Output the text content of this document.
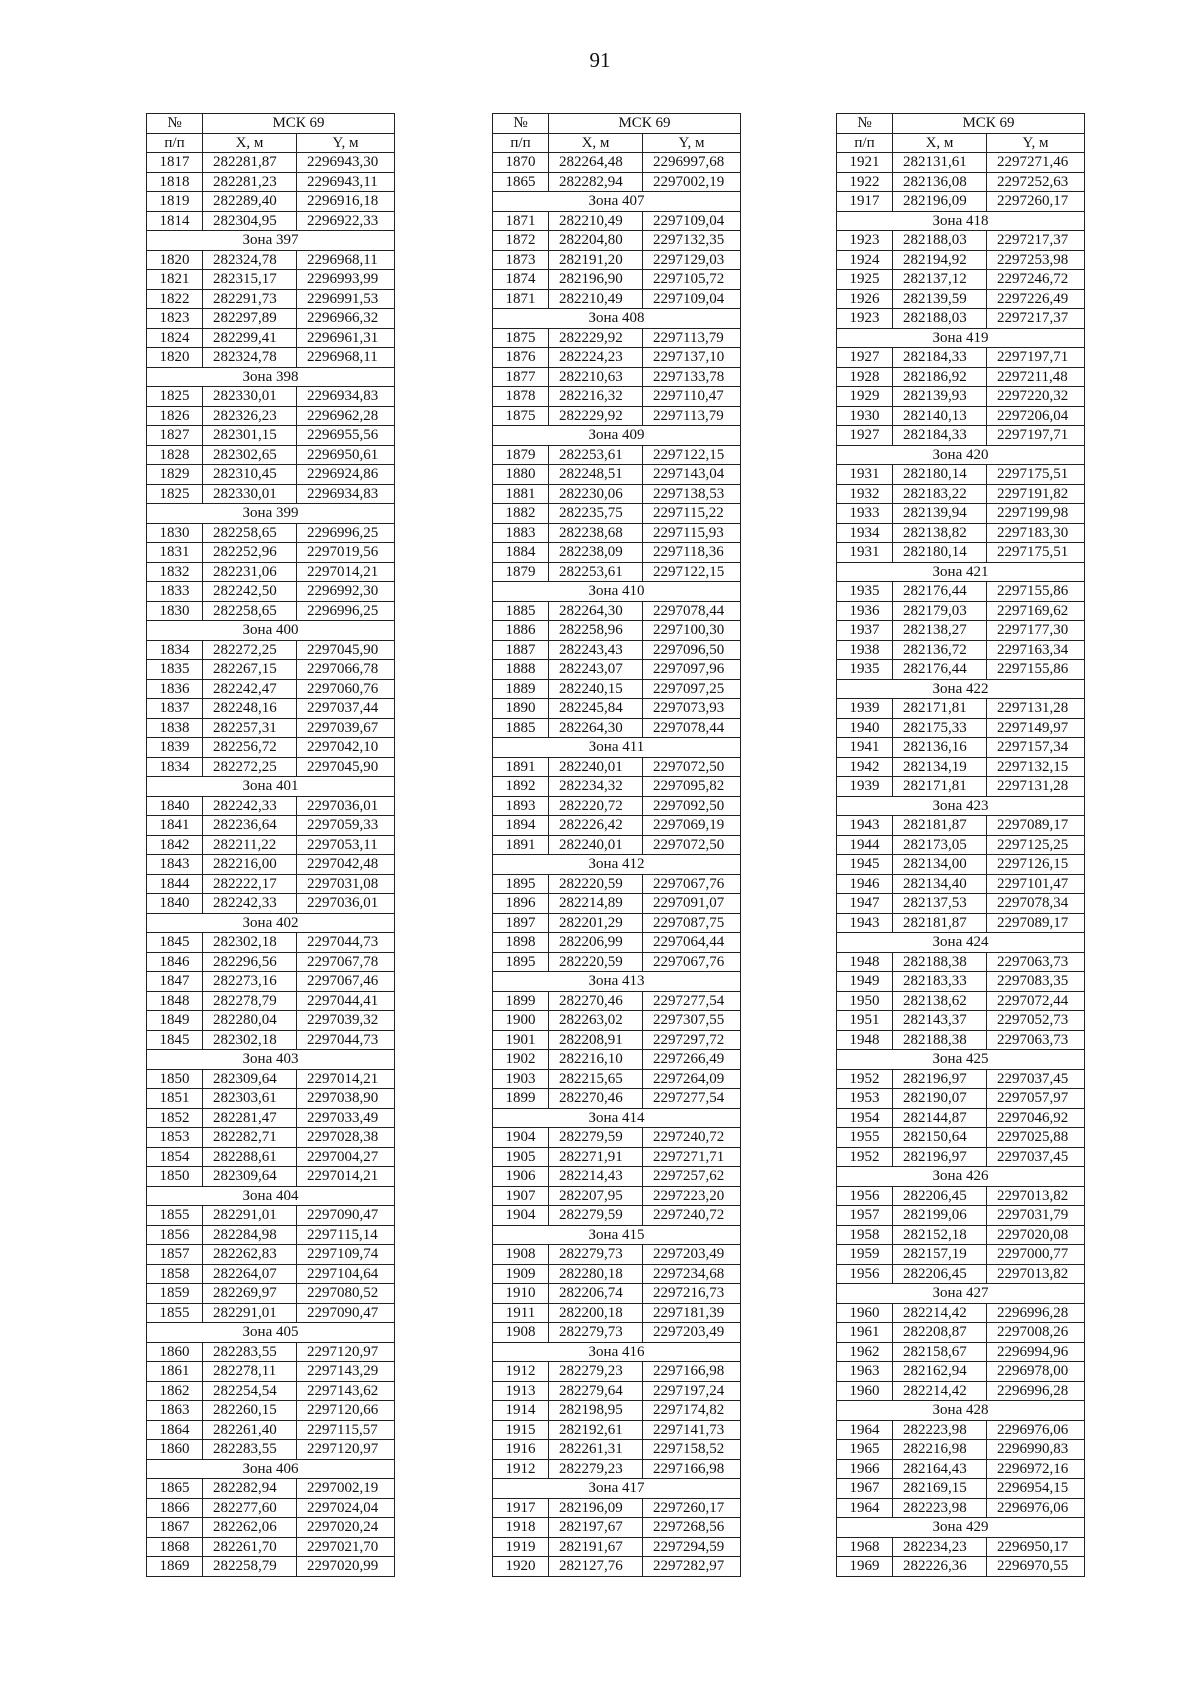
91
№	МСК 69	
п/п	X, м	Y, м
1817	282281,87	2296943,30
1818	282281,23	2296943,11
1819	282289,40	2296916,18
1814	282304,95	2296922,33
Зона 397		
1820	282324,78	2296968,11
1821	282315,17	2296993,99
1822	282291,73	2296991,53
1823	282297,89	2296966,32
1824	282299,41	2296961,31
1820	282324,78	2296968,11
Зона 398		
1825	282330,01	2296934,83
1826	282326,23	2296962,28
1827	282301,15	2296955,56
1828	282302,65	2296950,61
1829	282310,45	2296924,86
1825	282330,01	2296934,83
Зона 399		
1830	282258,65	2296996,25
1831	282252,96	2297019,56
1832	282231,06	2297014,21
1833	282242,50	2296992,30
1830	282258,65	2296996,25
Зона 400		
1834	282272,25	2297045,90
1835	282267,15	2297066,78
1836	282242,47	2297060,76
1837	282248,16	2297037,44
1838	282257,31	2297039,67
1839	282256,72	2297042,10
1834	282272,25	2297045,90
Зона 401		
1840	282242,33	2297036,01
1841	282236,64	2297059,33
1842	282211,22	2297053,11
1843	282216,00	2297042,48
1844	282222,17	2297031,08
1840	282242,33	2297036,01
Зона 402		
1845	282302,18	2297044,73
1846	282296,56	2297067,78
1847	282273,16	2297067,46
1848	282278,79	2297044,41
1849	282280,04	2297039,32
1845	282302,18	2297044,73
Зона 403		
1850	282309,64	2297014,21
1851	282303,61	2297038,90
1852	282281,47	2297033,49
1853	282282,71	2297028,38
1854	282288,61	2297004,27
1850	282309,64	2297014,21
Зона 404		
1855	282291,01	2297090,47
1856	282284,98	2297115,14
1857	282262,83	2297109,74
1858	282264,07	2297104,64
1859	282269,97	2297080,52
1855	282291,01	2297090,47
Зона 405		
1860	282283,55	2297120,97
1861	282278,11	2297143,29
1862	282254,54	2297143,62
1863	282260,15	2297120,66
1864	282261,40	2297115,57
1860	282283,55	2297120,97
Зона 406		
1865	282282,94	2297002,19
1866	282277,60	2297024,04
1867	282262,06	2297020,24
1868	282261,70	2297021,70
1869	282258,79	2297020,99
№	МСК 69	
п/п	X, м	Y, м
1870	282264,48	2296997,68
1865	282282,94	2297002,19
Зона 407		
1871	282210,49	2297109,04
1872	282204,80	2297132,35
1873	282191,20	2297129,03
1874	282196,90	2297105,72
1871	282210,49	2297109,04
Зона 408		
1875	282229,92	2297113,79
1876	282224,23	2297137,10
1877	282210,63	2297133,78
1878	282216,32	2297110,47
1875	282229,92	2297113,79
Зона 409		
1879	282253,61	2297122,15
1880	282248,51	2297143,04
1881	282230,06	2297138,53
1882	282235,75	2297115,22
1883	282238,68	2297115,93
1884	282238,09	2297118,36
1879	282253,61	2297122,15
Зона 410		
1885	282264,30	2297078,44
1886	282258,96	2297100,30
1887	282243,43	2297096,50
1888	282243,07	2297097,96
1889	282240,15	2297097,25
1890	282245,84	2297073,93
1885	282264,30	2297078,44
Зона 411		
1891	282240,01	2297072,50
1892	282234,32	2297095,82
1893	282220,72	2297092,50
1894	282226,42	2297069,19
1891	282240,01	2297072,50
Зона 412		
1895	282220,59	2297067,76
1896	282214,89	2297091,07
1897	282201,29	2297087,75
1898	282206,99	2297064,44
1895	282220,59	2297067,76
Зона 413		
1899	282270,46	2297277,54
1900	282263,02	2297307,55
1901	282208,91	2297297,72
1902	282216,10	2297266,49
1903	282215,65	2297264,09
1899	282270,46	2297277,54
Зона 414		
1904	282279,59	2297240,72
1905	282271,91	2297271,71
1906	282214,43	2297257,62
1907	282207,95	2297223,20
1904	282279,59	2297240,72
Зона 415		
1908	282279,73	2297203,49
1909	282280,18	2297234,68
1910	282206,74	2297216,73
1911	282200,18	2297181,39
1908	282279,73	2297203,49
Зона 416		
1912	282279,23	2297166,98
1913	282279,64	2297197,24
1914	282198,95	2297174,82
1915	282192,61	2297141,73
1916	282261,31	2297158,52
1912	282279,23	2297166,98
Зона 417		
1917	282196,09	2297260,17
1918	282197,67	2297268,56
1919	282191,67	2297294,59
1920	282127,76	2297282,97
№	МСК 69	
п/п	X, м	Y, м
1921	282131,61	2297271,46
1922	282136,08	2297252,63
1917	282196,09	2297260,17
Зона 418		
1923	282188,03	2297217,37
1924	282194,92	2297253,98
1925	282137,12	2297246,72
1926	282139,59	2297226,49
1923	282188,03	2297217,37
Зона 419		
1927	282184,33	2297197,71
1928	282186,92	2297211,48
1929	282139,93	2297220,32
1930	282140,13	2297206,04
1927	282184,33	2297197,71
Зона 420		
1931	282180,14	2297175,51
1932	282183,22	2297191,82
1933	282139,94	2297199,98
1934	282138,82	2297183,30
1931	282180,14	2297175,51
Зона 421		
1935	282176,44	2297155,86
1936	282179,03	2297169,62
1937	282138,27	2297177,30
1938	282136,72	2297163,34
1935	282176,44	2297155,86
Зона 422		
1939	282171,81	2297131,28
1940	282175,33	2297149,97
1941	282136,16	2297157,34
1942	282134,19	2297132,15
1939	282171,81	2297131,28
Зона 423		
1943	282181,87	2297089,17
1944	282173,05	2297125,25
1945	282134,00	2297126,15
1946	282134,40	2297101,47
1947	282137,53	2297078,34
1943	282181,87	2297089,17
Зона 424		
1948	282188,38	2297063,73
1949	282183,33	2297083,35
1950	282138,62	2297072,44
1951	282143,37	2297052,73
1948	282188,38	2297063,73
Зона 425		
1952	282196,97	2297037,45
1953	282190,07	2297057,97
1954	282144,87	2297046,92
1955	282150,64	2297025,88
1952	282196,97	2297037,45
Зона 426		
1956	282206,45	2297013,82
1957	282199,06	2297031,79
1958	282152,18	2297020,08
1959	282157,19	2297000,77
1956	282206,45	2297013,82
Зона 427		
1960	282214,42	2296996,28
1961	282208,87	2297008,26
1962	282158,67	2296994,96
1963	282162,94	2296978,00
1960	282214,42	2296996,28
Зона 428		
1964	282223,98	2296976,06
1965	282216,98	2296990,83
1966	282164,43	2296972,16
1967	282169,15	2296954,15
1964	282223,98	2296976,06
Зона 429		
1968	282234,23	2296950,17
1969	282226,36	2296970,55
